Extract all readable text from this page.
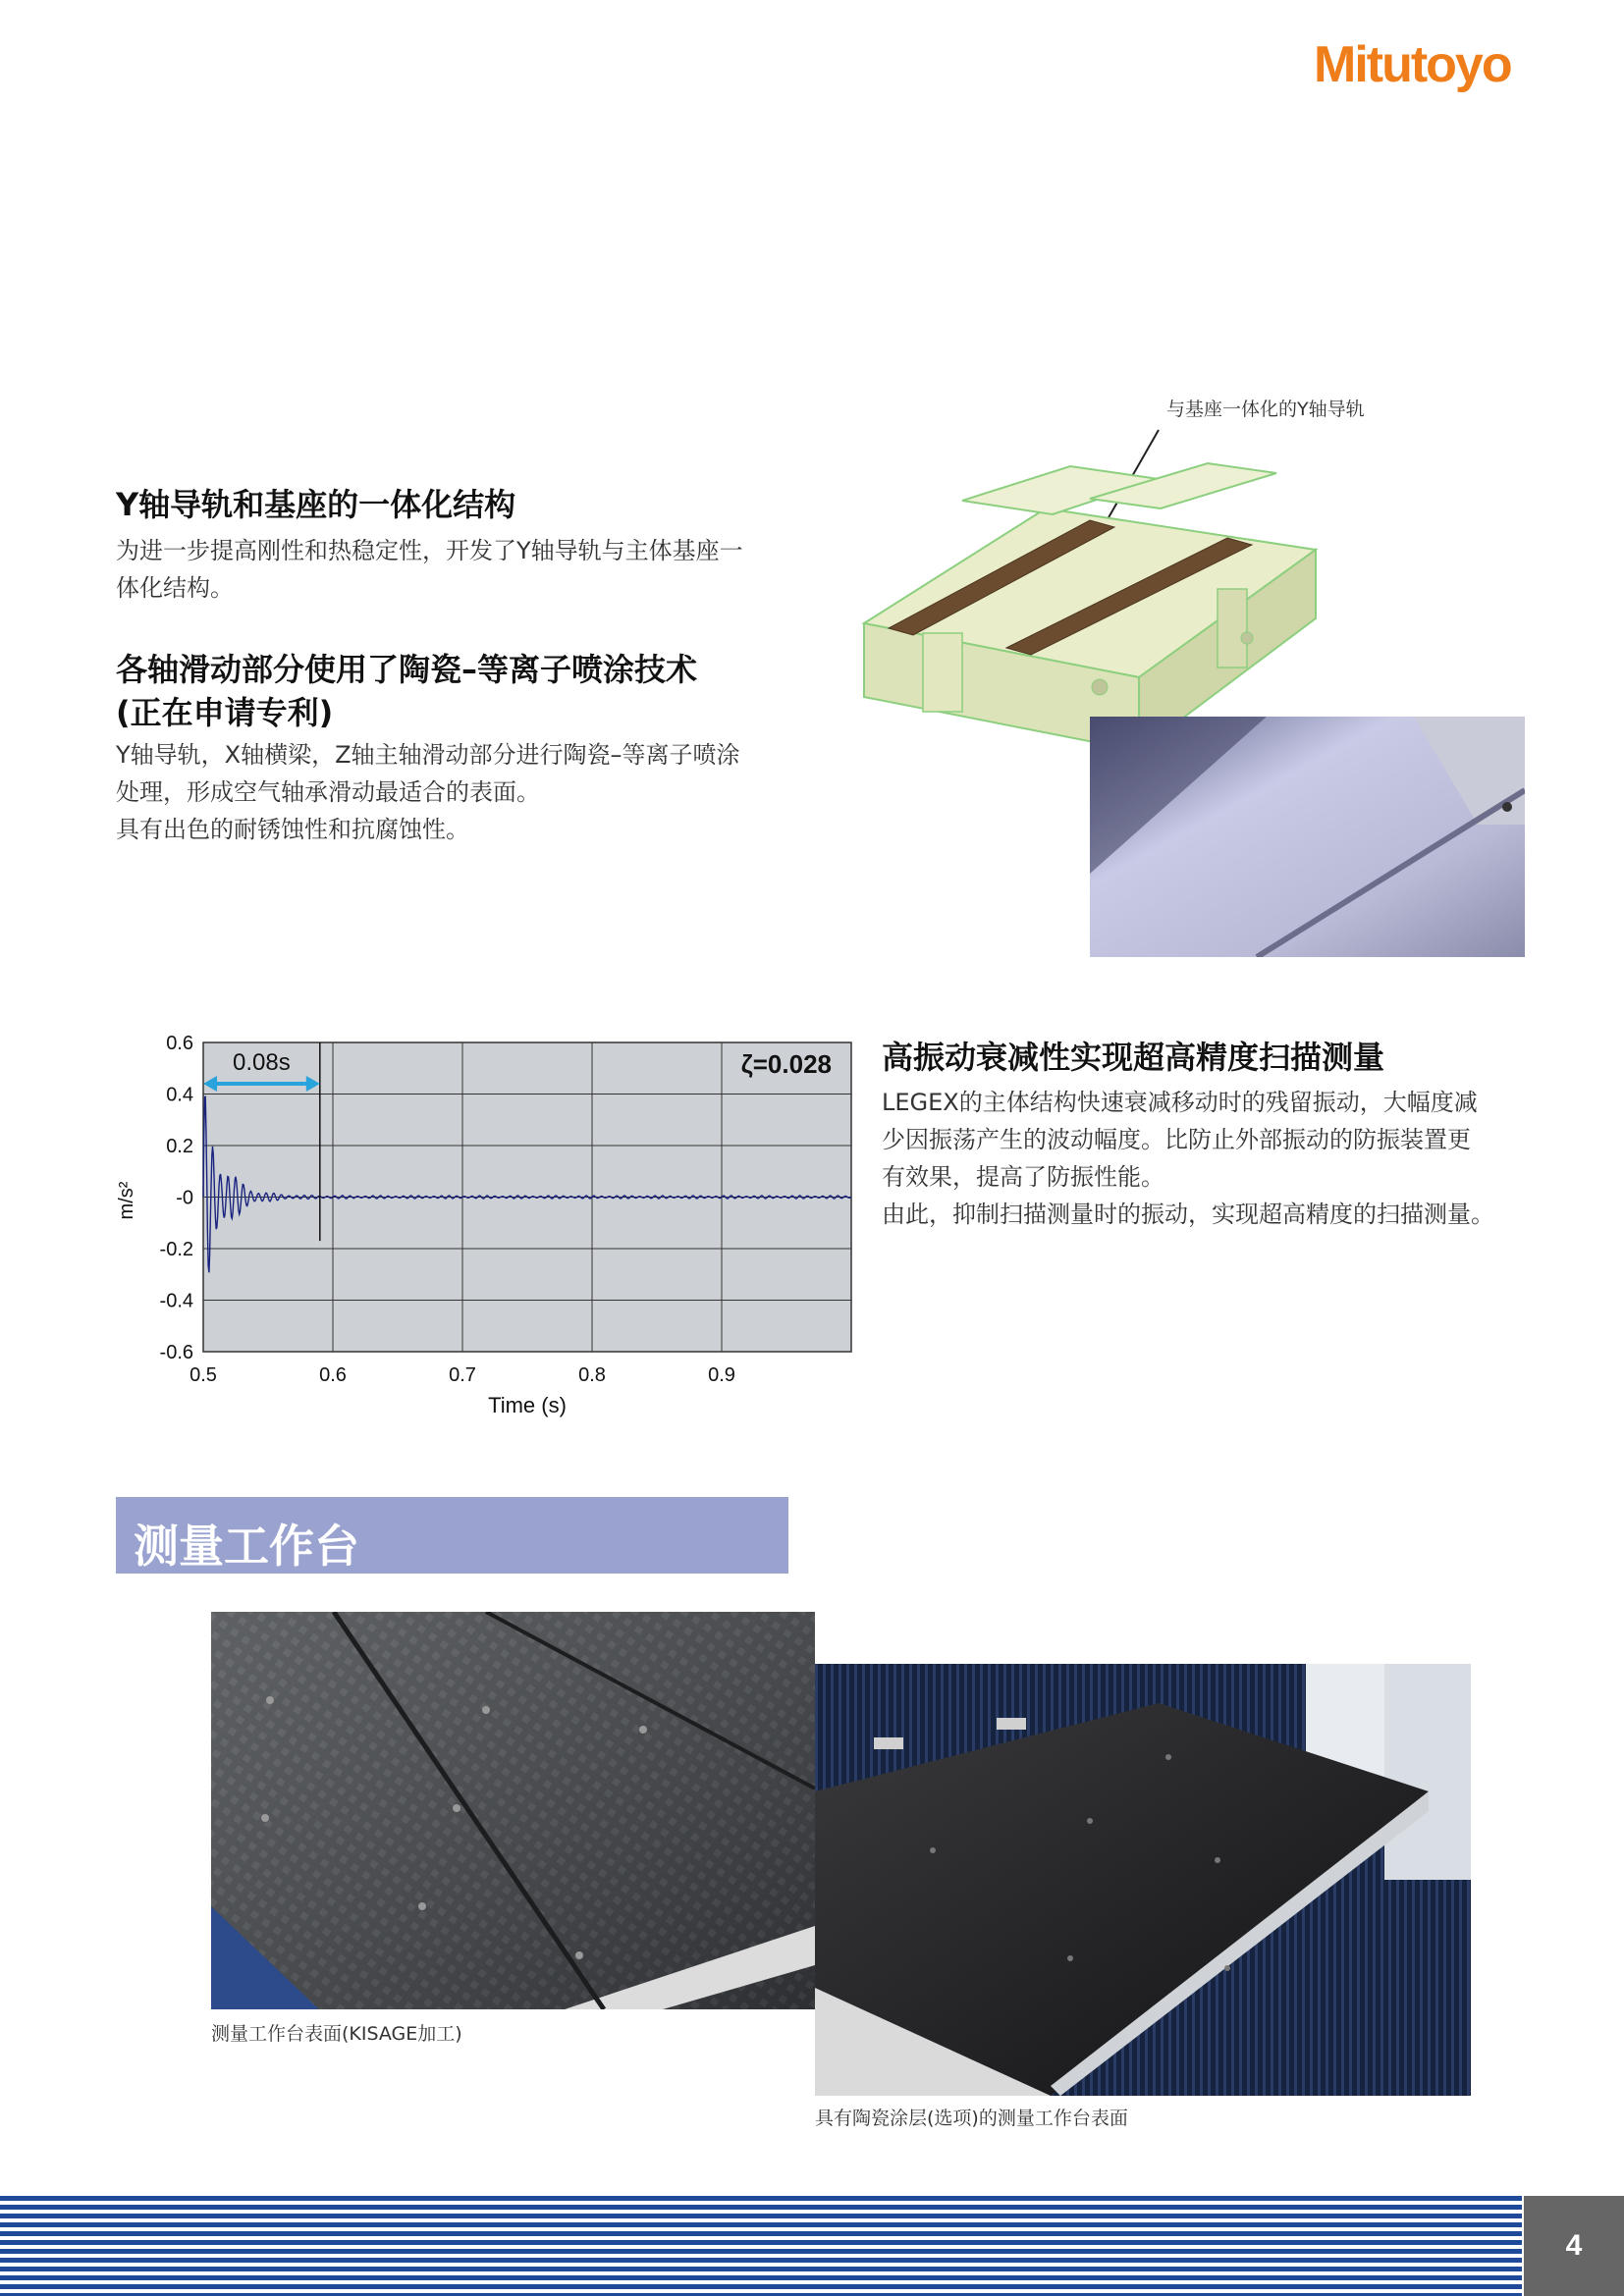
Mitutoyo
Y轴导轨和基座的一体化结构
为进一步提高刚性和热稳定性，开发了Y轴导轨与主体基座一
体化结构。
各轴滑动部分使用了陶瓷–等离子喷涂技术
(正在申请专利)
Y轴导轨，X轴横梁，Z轴主轴滑动部分进行陶瓷–等离子喷涂
处理，形成空气轴承滑动最适合的表面。
具有出色的耐锈蚀性和抗腐蚀性。
与基座一体化的Y轴导轨
0.6
0.4
0.2
-0
-0.2
-0.4
-0.6
0.5	0.6	0.7	0.8	0.9
0.08s	ζ=0.028
Time (s)
m/s²
高振动衰减性实现超高精度扫描测量
LEGEX的主体结构快速衰减移动时的残留振动，大幅度减
少因振荡产生的波动幅度。比防止外部振动的防振装置更
有效果，提高了防振性能。
由此，抑制扫描测量时的振动，实现超高精度的扫描测量。
测量工作台
测量工作台表面(KISAGE加工)
具有陶瓷涂层(选项)的测量工作台表面
4
